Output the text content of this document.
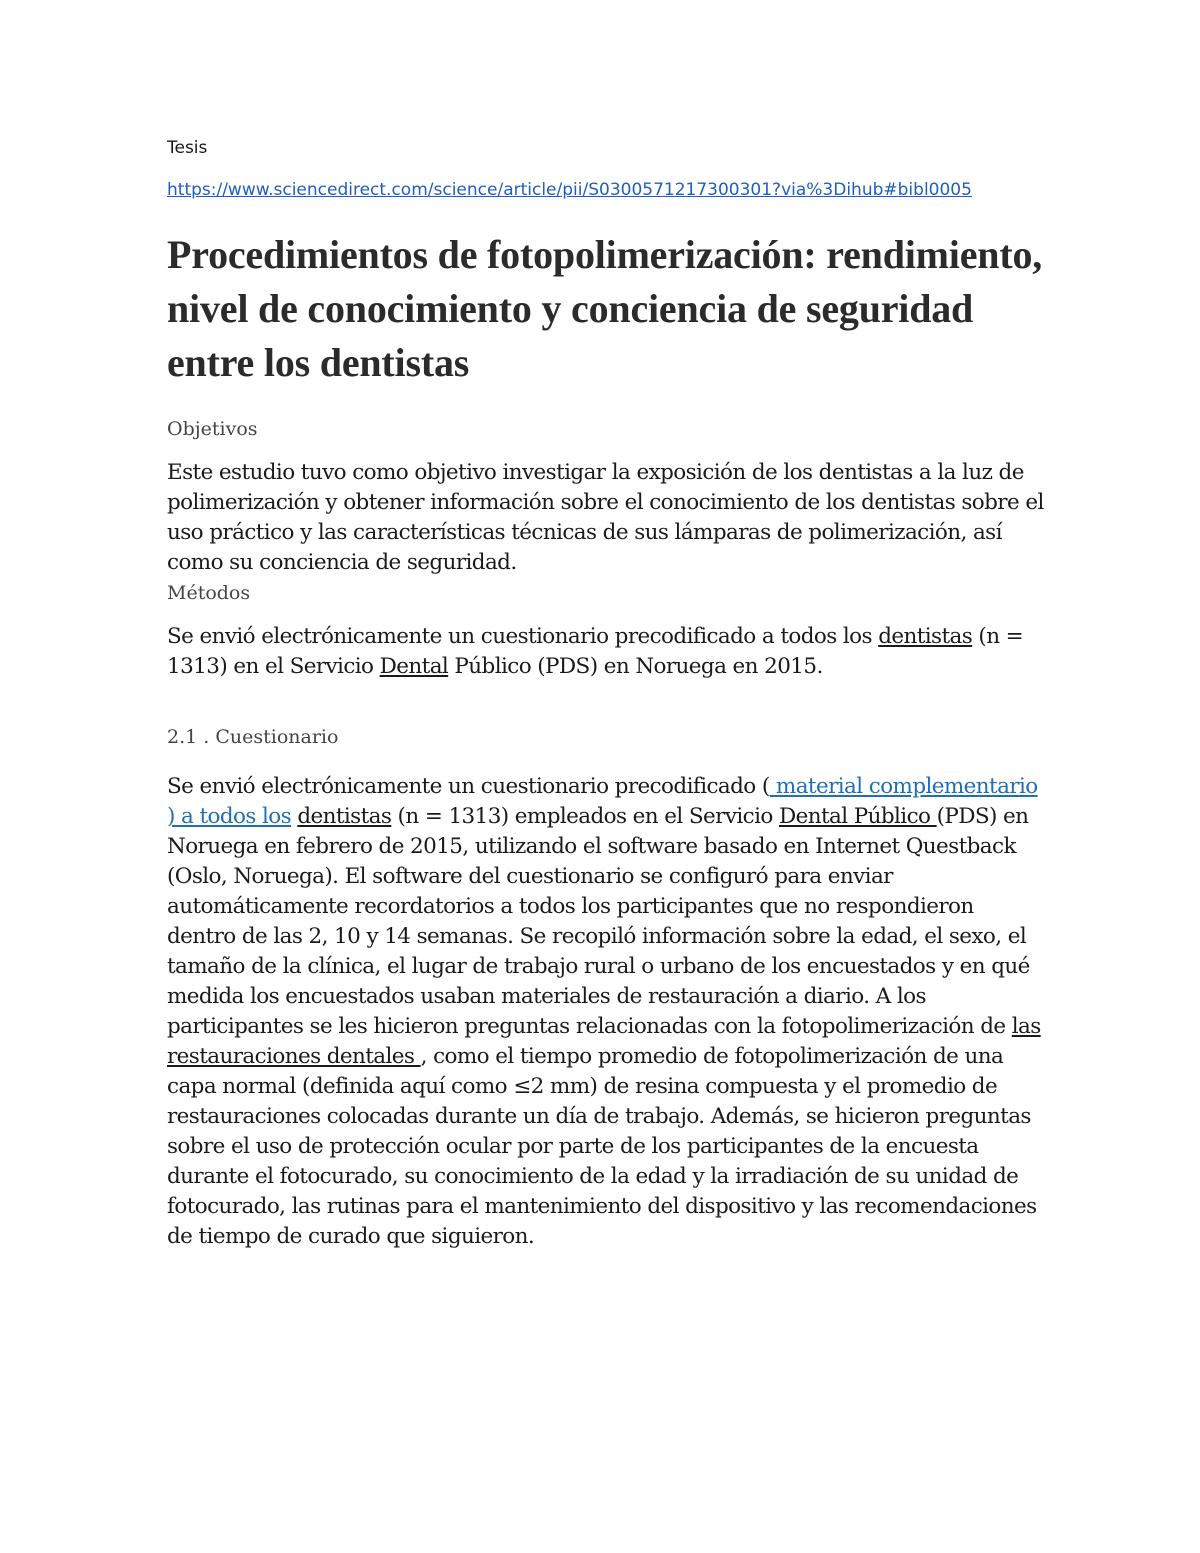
Tesis

https://www.sciencedirect.com/science/article/pii/S0300571217300301?via%3Dihub#bibl0005
Procedimientos de fotopolimerización: rendimiento, nivel de conocimiento y conciencia de seguridad entre los dentistas

Objetivos

Este estudio tuvo como objetivo investigar la exposición de los dentistas a la luz de polimerización y obtener información sobre el conocimiento de los dentistas sobre el uso práctico y las características técnicas de sus lámparas de polimerización, así como su conciencia de seguridad.

Métodos

Se envió electrónicamente un cuestionario precodificado a todos los dentistas (n = 1313) en el Servicio Dental Público (PDS) en Noruega en 2015.

2.1 . Cuestionario

Se envió electrónicamente un cuestionario precodificado ( material complementario ) a todos los dentistas (n = 1313) empleados en el Servicio Dental Público (PDS) en Noruega en febrero de 2015, utilizando el software basado en Internet Questback (Oslo, Noruega). El software del cuestionario se configuró para enviar automáticamente recordatorios a todos los participantes que no respondieron dentro de las 2, 10 y 14 semanas. Se recopiló información sobre la edad, el sexo, el tamaño de la clínica, el lugar de trabajo rural o urbano de los encuestados y en qué medida los encuestados usaban materiales de restauración a diario. A los participantes se les hicieron preguntas relacionadas con la fotopolimerización de las restauraciones dentales , como el tiempo promedio de fotopolimerización de una capa normal (definida aquí como ≤2 mm) de resina compuesta y el promedio de restauraciones colocadas durante un día de trabajo. Además, se hicieron preguntas sobre el uso de protección ocular por parte de los participantes de la encuesta durante el fotocurado, su conocimiento de la edad y la irradiación de su unidad de fotocurado, las rutinas para el mantenimiento del dispositivo y las recomendaciones de tiempo de curado que siguieron.
